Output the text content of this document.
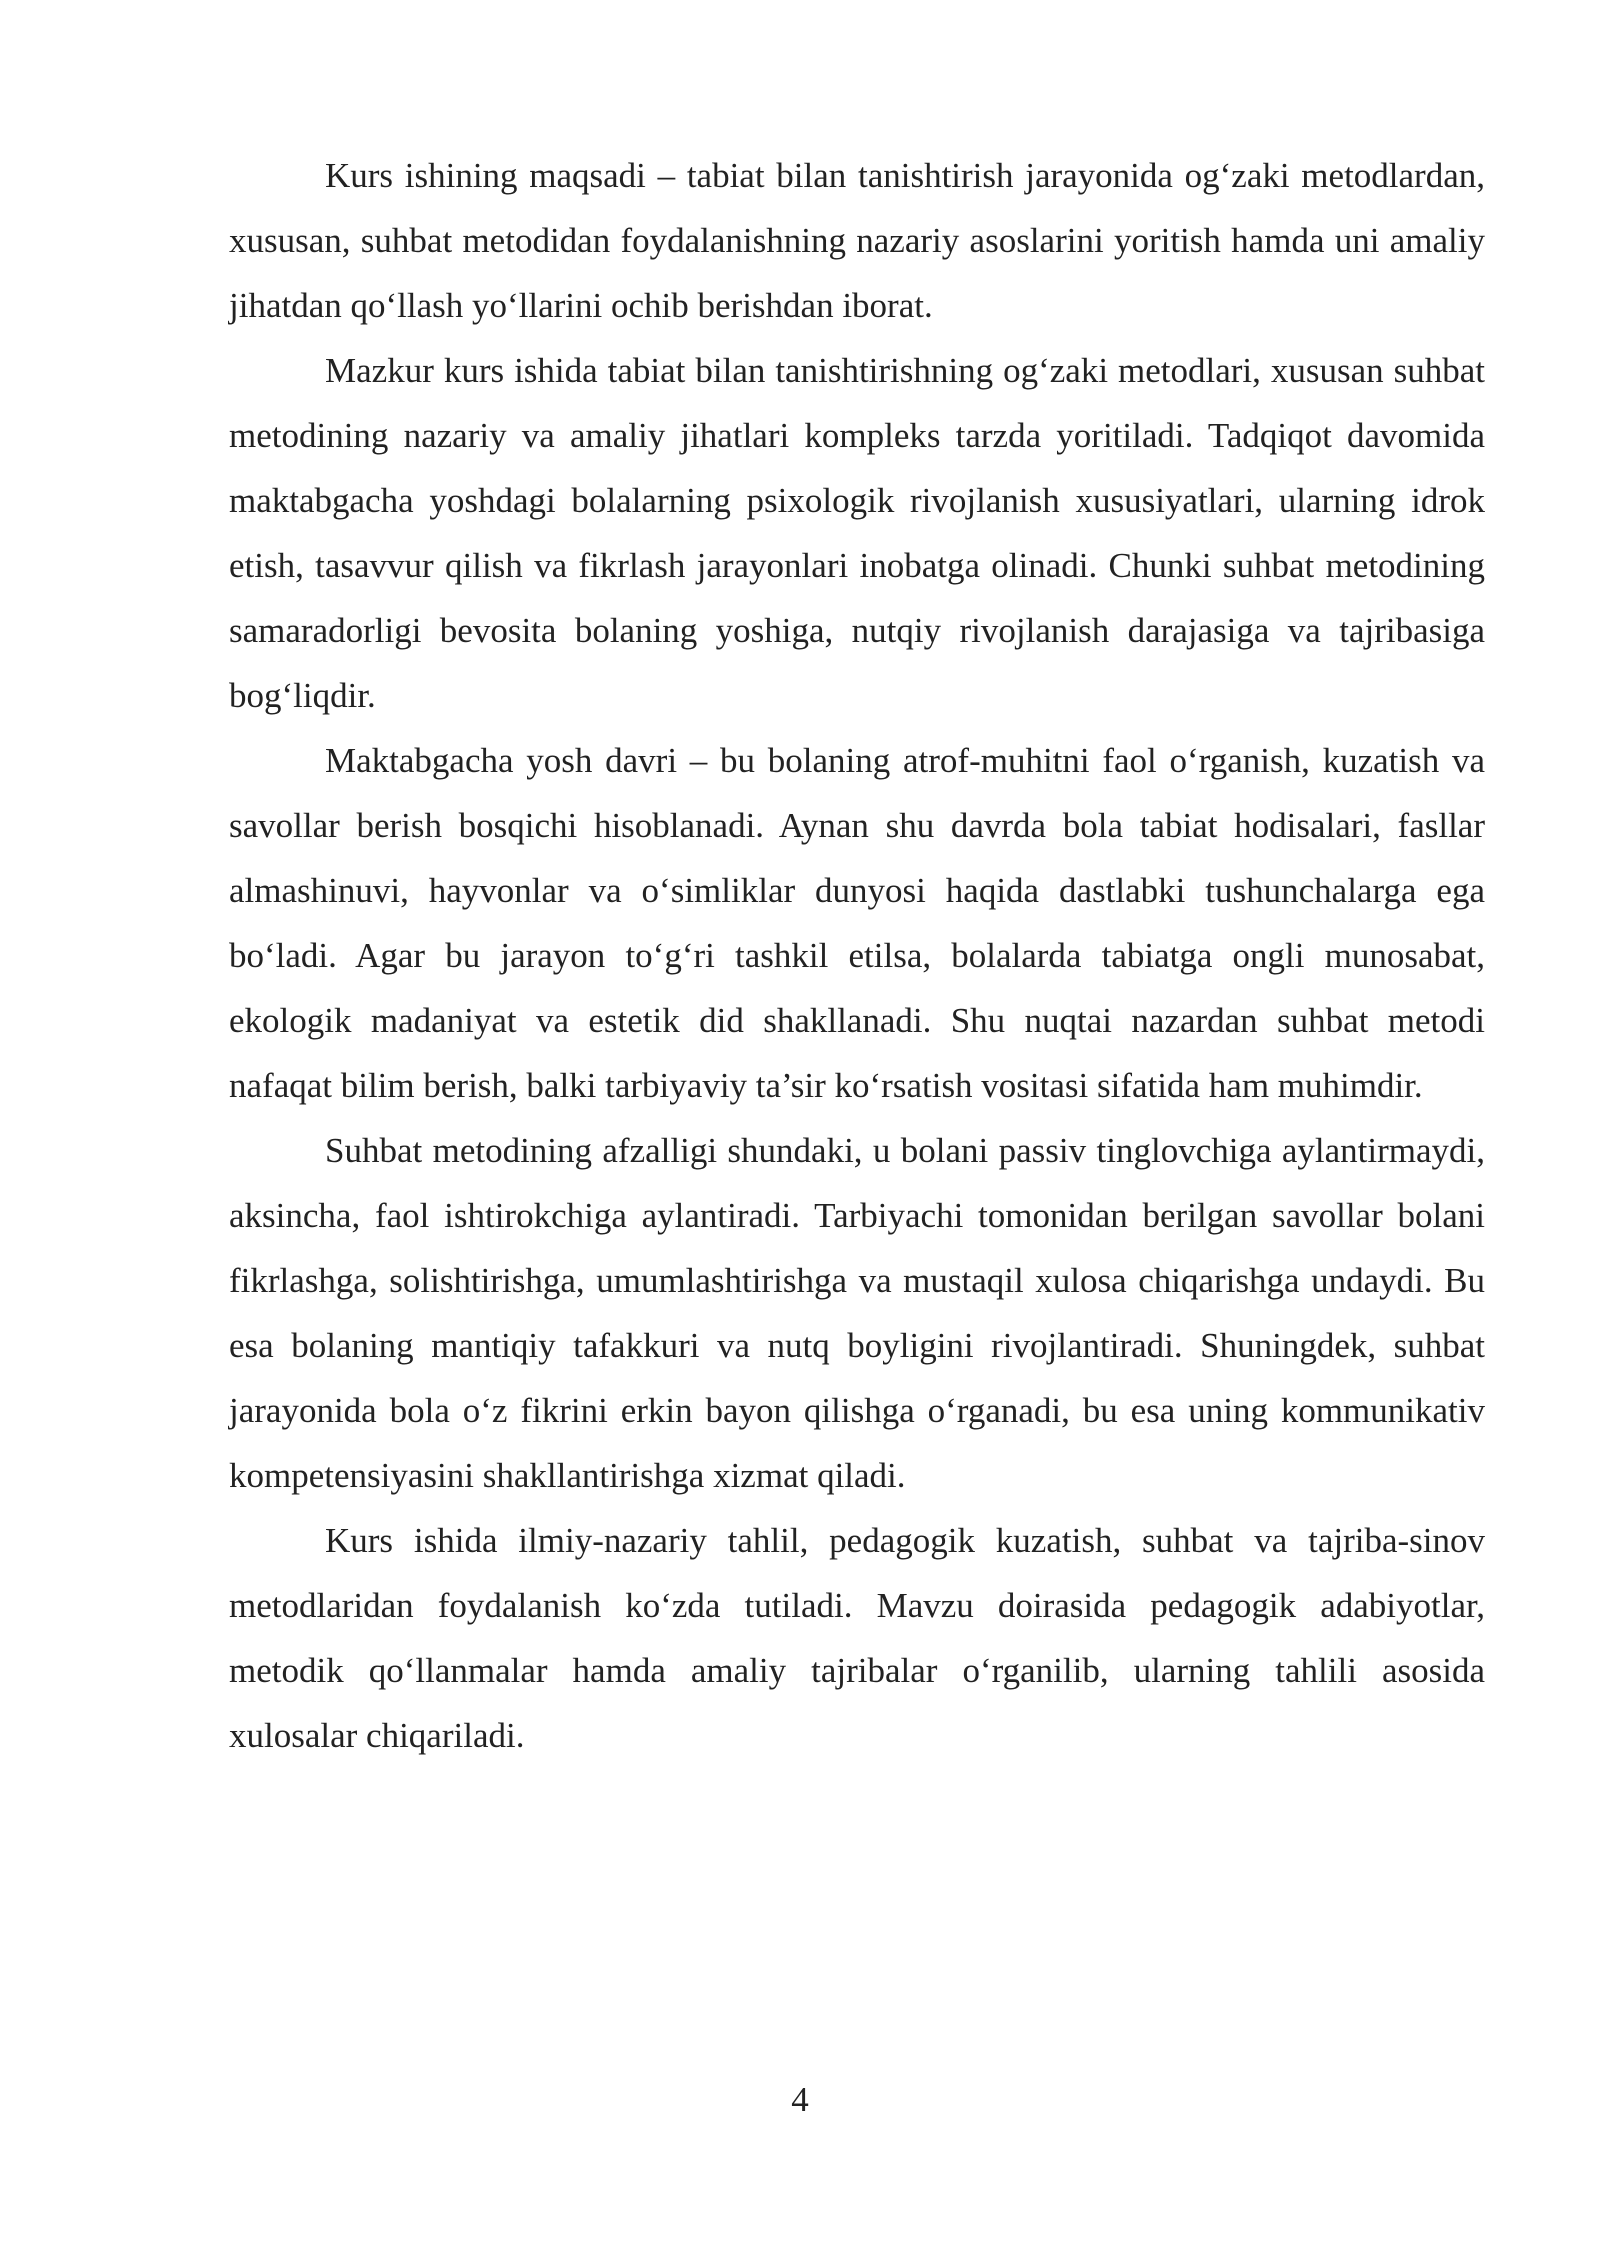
Kurs ishining maqsadi – tabiat bilan tanishtirish jarayonida og‘zaki metodlardan, xususan, suhbat metodidan foydalanishning nazariy asoslarini yoritish hamda uni amaliy jihatdan qo‘llash yo‘llarini ochib berishdan iborat.

Mazkur kurs ishida tabiat bilan tanishtirishning og‘zaki metodlari, xususan suhbat metodining nazariy va amaliy jihatlari kompleks tarzda yoritiladi. Tadqiqot davomida maktabgacha yoshdagi bolalarning psixologik rivojlanish xususiyatlari, ularning idrok etish, tasavvur qilish va fikrlash jarayonlari inobatga olinadi. Chunki suhbat metodining samaradorligi bevosita bolaning yoshiga, nutqiy rivojlanish darajasiga va tajribasiga bog‘liqdir.

Maktabgacha yosh davri – bu bolaning atrof-muhitni faol o‘rganish, kuzatish va savollar berish bosqichi hisoblanadi. Aynan shu davrda bola tabiat hodisalari, fasllar almashinuvi, hayvonlar va o‘simliklar dunyosi haqida dastlabki tushunchalarga ega bo‘ladi. Agar bu jarayon to‘g‘ri tashkil etilsa, bolalarda tabiatga ongli munosabat, ekologik madaniyat va estetik did shakllanadi. Shu nuqtai nazardan suhbat metodi nafaqat bilim berish, balki tarbiyaviy ta’sir ko‘rsatish vositasi sifatida ham muhimdir.

Suhbat metodining afzalligi shundaki, u bolani passiv tinglovchiga aylantirmaydi, aksincha, faol ishtirokchiga aylantiradi. Tarbiyachi tomonidan berilgan savollar bolani fikrlashga, solishtirishga, umumlashtirishga va mustaqil xulosa chiqarishga undaydi. Bu esa bolaning mantiqiy tafakkuri va nutq boyligini rivojlantiradi. Shuningdek, suhbat jarayonida bola o‘z fikrini erkin bayon qilishga o‘rganadi, bu esa uning kommunikativ kompetensiyasini shakllantirishga xizmat qiladi.

Kurs ishida ilmiy-nazariy tahlil, pedagogik kuzatish, suhbat va tajriba-sinov metodlaridan foydalanish ko‘zda tutiladi. Mavzu doirasida pedagogik adabiyotlar, metodik qo‘llanmalar hamda amaliy tajribalar o‘rganilib, ularning tahlili asosida xulosalar chiqariladi.

4
